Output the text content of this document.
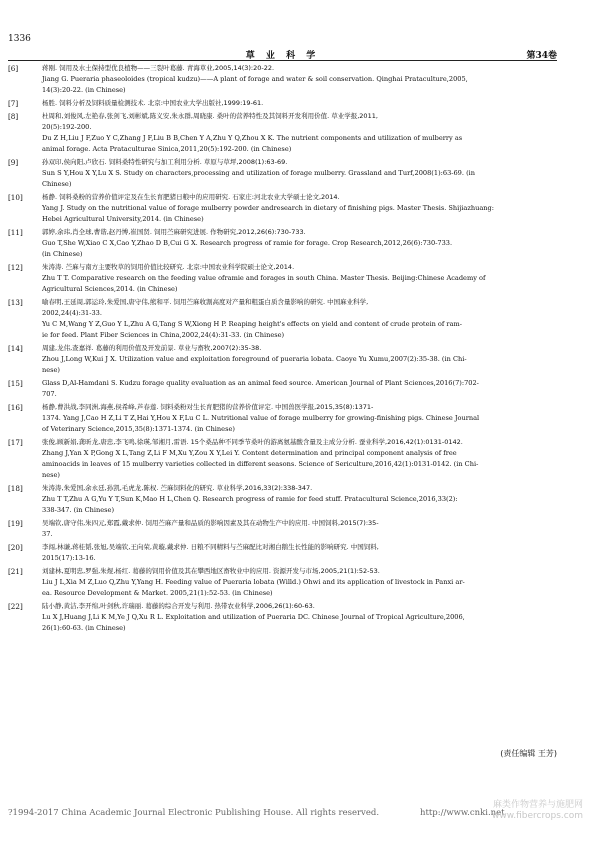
1336
草 业 科 学	第34卷
[6]	蒋刚. 饲用及水土保持型优良植物——三裂叶葛藤. 青海草业,2005,14(3):20-22.
Jiang G. Pueraria phaseoloides (tropical kudzu)——A plant of forage and water & soil conservation. Qinghai Prataculture,2005,
14(3):20-22. (in Chinese)
[7]	杨胜. 饲料分析及饲料质量检测技术. 北京:中国农业大学出版社,1999:19-61.
[8]	杜周和,刘俊风,左艳春,张剑飞,刘彬斌,陈义安,朱永群,周晓康. 桑叶的营养特性及其饲料开发利用价值. 草业学报,2011,
20(5):192-200.
Du Z H,Liu J F,Zuo Y C,Zhang J F,Liu B B,Chen Y A,Zhu Y Q,Zhou X K. The nutrient components and utilization of mulberry as
animal forage. Acta Prataculturae Sinica,2011,20(5):192-200. (in Chinese)
[9]	孙双印,侯向阳,卢欣石. 饲料桑特性研究与加工利用分析. 草原与草坪,2008(1):63-69.
Sun S Y,Hou X Y,Lu X S. Study on characters,processing and utilization of forage mulberry. Grassland and Turf,2008(1):63-69. (in
Chinese)
[10]	杨静. 饲料桑粉的营养价值评定及在生长育肥猪日粮中的应用研究. 石家庄:河北农业大学硕士论文,2014.
Yang J. Study on the nutritional value of forage mulberry powder andresearch in dietary of finishing pigs. Master Thesis. Shijiazhuang:
Hebei Agricultural University,2014. (in Chinese)
[11]	郭婷,余玮,肖全球,曹谐,赵丹博,崔国贤. 饲用苎麻研究进展. 作物研究,2012,26(6):730-733.
Guo T,She W,Xiao C X,Cao Y,Zhao D B,Cui G X. Research progress of ramie for forage. Crop Research,2012,26(6):730-733.
(in Chinese)
[12]	朱涛涛. 苎麻与南方主要牧草的饲用价值比较研究. 北京:中国农业科学院硕士论文,2014.
Zhu T T. Comparative research on the feeding value oframie and forages in south China. Master Thesis. Beijing:Chinese Academy of
Agricultural Sciences,2014. (in Chinese)
[13]	喻春明,王延周,郭运玲,朱爱国,唐守伟,熊和平. 饲用苎麻收割高度对产量和粗蛋白质含量影响的研究. 中国麻业科学,
2002,24(4):31-33.
Yu C M,Wang Y Z,Guo Y L,Zhu A G,Tang S W,Xiong H P. Reaping height's effects on yield and content of crude protein of ram-
ie for feed. Plant Fiber Sciences in China,2002,24(4):31-33. (in Chinese)
[14]	周建,龙伟,查嘉祥. 葛藤的利用价值及开发前景. 草业与畜牧,2007(2):35-38.
Zhou J,Long W,Kui J X. Utilization value and exploitation foreground of pueraria lobata. Caoye Yu Xumu,2007(2):35-38. (in Chi-
nese)
[15]	Glass D,Al-Hamdani S. Kudzu forage quality evaluation as an animal feed source. American Journal of Plant Sciences,2016(7):702-
707.
[16]	杨静,曹洪战,李同洲,海燕,侯希峰,芦春莲. 饲料桑粉对生长育肥猪的营养价值评定. 中国兽医学报,2015,35(8):1371-
1374. Yang J,Cao H Z,Li T Z,Hai Y,Hou X F,Lu C L. Nutritional value of forage mulberry for growing-finishing pigs. Chinese Journal
of Veterinary Science,2015,35(8):1371-1374. (in Chinese)
[17]	张俊,顾新娟,龚昕龙,唐忠,李飞鸣,徐瑛,邹湘月,雷语. 15个桑品种不同季节桑叶的游离氨基酸含量及主成分分析. 蚕业科学,2016,42(1):0131-0142.
Zhang J,Yan X P,Gong X L,Tang Z,Li F M,Xu Y,Zou X Y,Lei Y. Content determination and principal component analysis of free
aminoacids in leaves of 15 mulberry varieties collected in different seasons. Science of Sericulture,2016,42(1):0131-0142. (in Chi-
nese)
[18]	朱涛涛,朱爱国,余永廷,孙凯,毛虎龙,陈权. 苎麻饲料化的研究. 草业科学,2016,33(2):338-347.
Zhu T T,Zhu A G,Yu Y T,Sun K,Mao H L,Chen Q. Research progress of ramie for feed stuff. Pratacultural Science,2016,33(2):
338-347. (in Chinese)
[19]	吴端钦,唐守伟,朱四元,郑霞,戴求仲. 饲用苎麻产量和品质的影响因素及其在动物生产中的应用. 中国饲料,2015(7):35-
37.
[20]	李闯,林谦,蒋桂韬,张旭,吴端钦,王向荣,黄璇,戴求仲. 日粮不同精料与苎麻配比对湘白鹅生长性能的影响研究. 中国饲料,
2015(17):13-16.
[21]	刘建林,夏明忠,罗强,朱煜,杨红. 葛藤的饲用价值及其在攀西地区畜牧业中的应用. 资源开发与市场,2005,21(1):52-53.
Liu J L,Xia M Z,Luo Q,Zhu Y,Yang H. Feeding value of Pueraria lobata (Willd.) Ohwi and its application of livestock in Panxi ar-
ea. Resource Development & Market. 2005,21(1):52-53. (in Chinese)
[22]	陆小静,黄洁,李开绵,叶剑秋,许瑞丽. 葛藤的综合开发与利用. 热带农业科学,2006,26(1):60-63.
Lu X J,Huang J,Li K M,Ye J Q,Xu R L. Exploitation and utilization of Pueraria DC. Chinese Journal of Tropical Agriculture,2006,
26(1):60-63. (in Chinese)
(责任编辑 王芳)
?1994-2017 China Academic Journal Electronic Publishing House. All rights reserved.	http://www.cnki.net
麻类作物营养与施肥网
www.fibercrops.com
